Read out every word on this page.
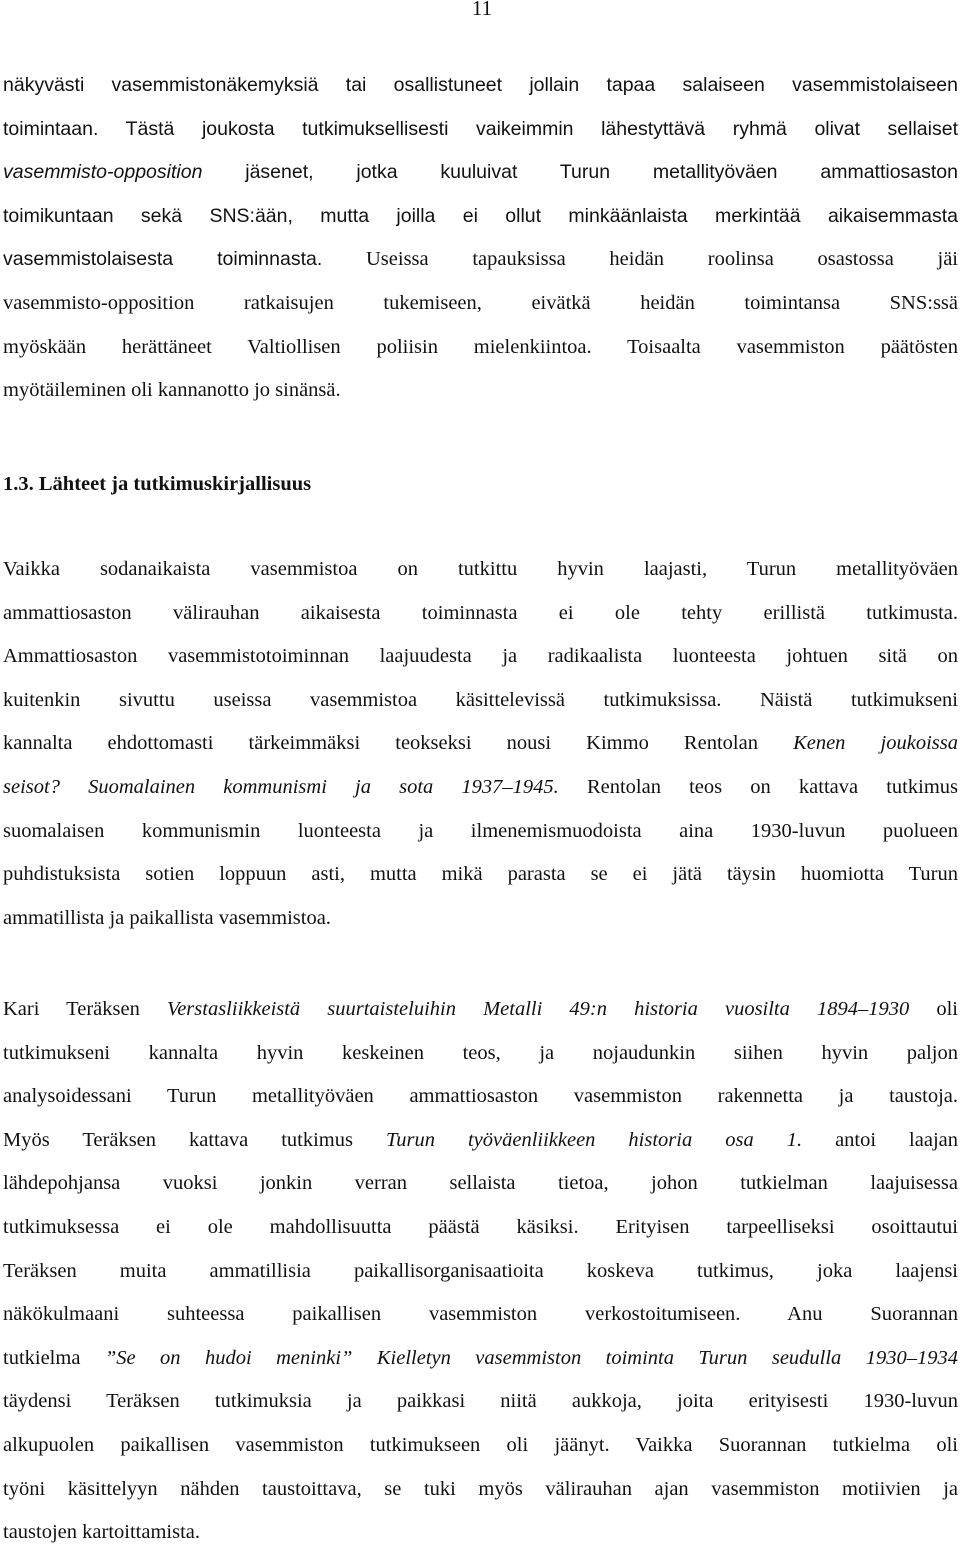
11
näkyvästi vasemmistonäkemyksiä tai osallistuneet jollain tapaa salaiseen vasemmistolaiseen
toimintaan. Tästä joukosta tutkimuksellisesti vaikeimmin lähestyttävä ryhmä olivat sellaiset
vasemmisto-opposition jäsenet, jotka kuuluivat Turun metallityöväen ammattiosaston
toimikuntaan sekä SNS:ään, mutta joilla ei ollut minkäänlaista merkintää aikaisemmasta
vasemmistolaisesta toiminnasta. Useissa tapauksissa heidän roolinsa osastossa jäi
vasemmisto-opposition ratkaisujen tukemiseen, eivätkä heidän toimintansa SNS:ssä
myöskään herättäneet Valtiollisen poliisin mielenkiintoa. Toisaalta vasemmiston päätösten
myötäileminen oli kannanotto jo sinänsä.
1.3. Lähteet ja tutkimuskirjallisuus
Vaikka sodanaikaista vasemmistoa on tutkittu hyvin laajasti, Turun metallityöväen
ammattiosaston välirauhan aikaisesta toiminnasta ei ole tehty erillistä tutkimusta.
Ammattiosaston vasemmistotoiminnan laajuudesta ja radikaalista luonteesta johtuen sitä on
kuitenkin sivuttu useissa vasemmistoa käsittelevissä tutkimuksissa. Näistä tutkimukseni
kannalta ehdottomasti tärkeimmäksi teokseksi nousi Kimmo Rentolan Kenen joukoissa
seisot? Suomalainen kommunismi ja sota 1937–1945. Rentolan teos on kattava tutkimus
suomalaisen kommunismin luonteesta ja ilmenemismuodoista aina 1930-luvun puolueen
puhdistuksista sotien loppuun asti, mutta mikä parasta se ei jätä täysin huomiotta Turun
ammatillista ja paikallista vasemmistoa.
Kari Teräksen Verstasliikkeistä suurtaisteluihin Metalli 49:n historia vuosilta 1894–1930 oli
tutkimukseni kannalta hyvin keskeinen teos, ja nojaudunkin siihen hyvin paljon
analysoidessani Turun metallityöväen ammattiosaston vasemmiston rakennetta ja taustoja.
Myös Teräksen kattava tutkimus Turun työväenliikkeen historia osa 1. antoi laajan
lähdepohjansa vuoksi jonkin verran sellaista tietoa, johon tutkielman laajuisessa
tutkimuksessa ei ole mahdollisuutta päästä käsiksi. Erityisen tarpeelliseksi osoittautui
Teräksen muita ammatillisia paikallisorganisaatioita koskeva tutkimus, joka laajensi
näkökulmaani suhteessa paikallisen vasemmiston verkostoitumiseen. Anu Suorannan
tutkielma ”Se on hudoi meninki” Kielletyn vasemmiston toiminta Turun seudulla 1930–1934
täydensi Teräksen tutkimuksia ja paikkasi niitä aukkoja, joita erityisesti 1930-luvun
alkupuolen paikallisen vasemmiston tutkimukseen oli jäänyt. Vaikka Suorannan tutkielma oli
työni käsittelyyn nähden taustoittava, se tuki myös välirauhan ajan vasemmiston motiivien ja
taustojen kartoittamista.
